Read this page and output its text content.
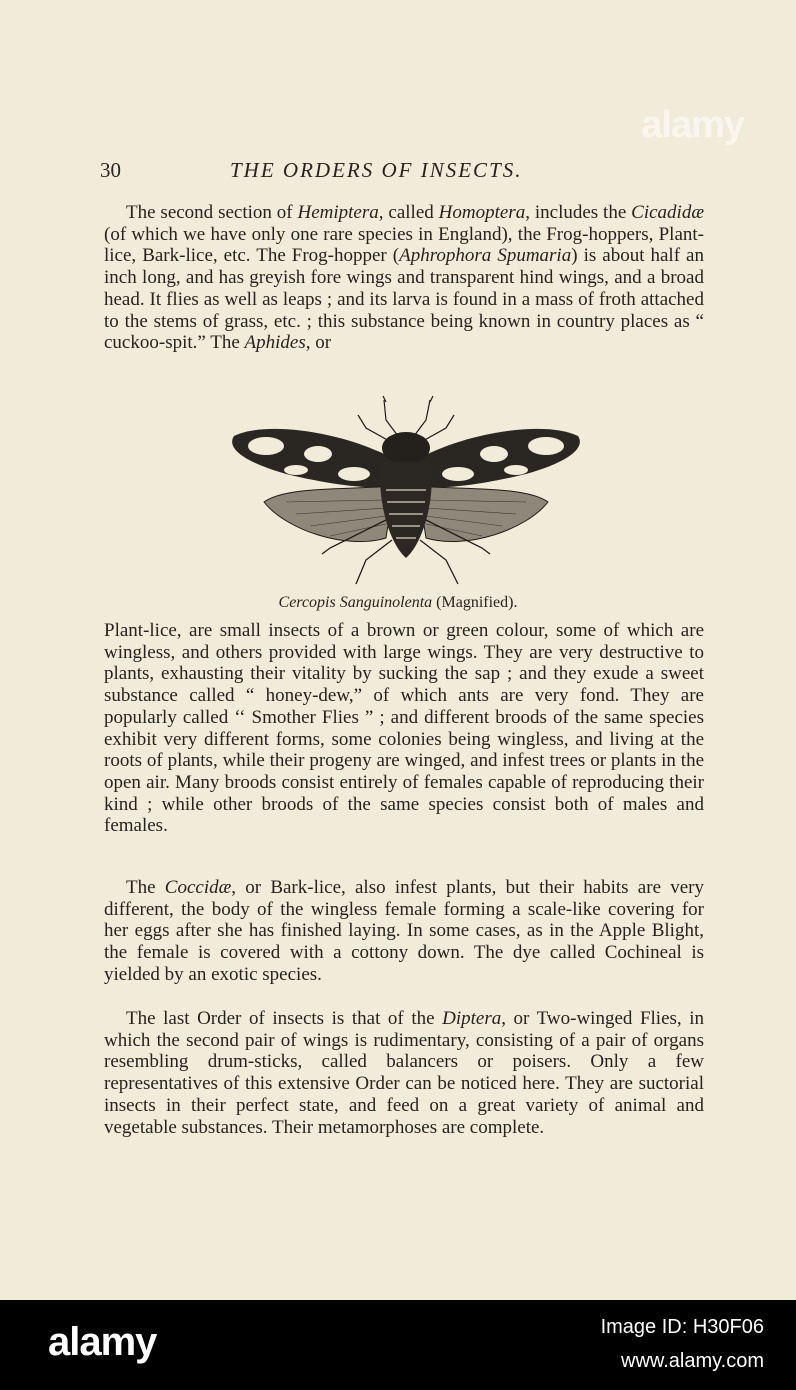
alamy
30	THE ORDERS OF INSECTS.

The second section of Hemiptera, called Homoptera, includes the Cicadidæ (of which we have only one rare species in England), the Frog-hoppers, Plant-lice, Bark-lice, etc. The Frog-hopper (Aphrophora Spumaria) is about half an inch long, and has greyish fore wings and transparent hind wings, and a broad head. It flies as well as leaps ; and its larva is found in a mass of froth attached to the stems of grass, etc. ; this substance being known in country places as “ cuckoo-spit.” The Aphides, or

Cercopis Sanguinolenta (Magnified).

Plant-lice, are small insects of a brown or green colour, some of which are wingless, and others provided with large wings. They are very destructive to plants, exhausting their vitality by sucking the sap ; and they exude a sweet substance called “ honey-dew,” of which ants are very fond. They are popularly called ‘‘ Smother Flies ” ; and different broods of the same species exhibit very different forms, some colonies being wingless, and living at the roots of plants, while their progeny are winged, and infest trees or plants in the open air. Many broods consist entirely of females capable of reproducing their kind ; while other broods of the same species consist both of males and females.

The Coccidæ, or Bark-lice, also infest plants, but their habits are very different, the body of the wingless female forming a scale-like covering for her eggs after she has finished laying. In some cases, as in the Apple Blight, the female is covered with a cottony down. The dye called Cochineal is yielded by an exotic species.

The last Order of insects is that of the Diptera, or Two-winged Flies, in which the second pair of wings is rudimentary, consisting of a pair of organs resembling drum-sticks, called balancers or poisers. Only a few representatives of this extensive Order can be noticed here. They are suctorial insects in their perfect state, and feed on a great variety of animal and vegetable substances. Their metamorphoses are complete.

alamy	Image ID: H30F06
www.alamy.com
